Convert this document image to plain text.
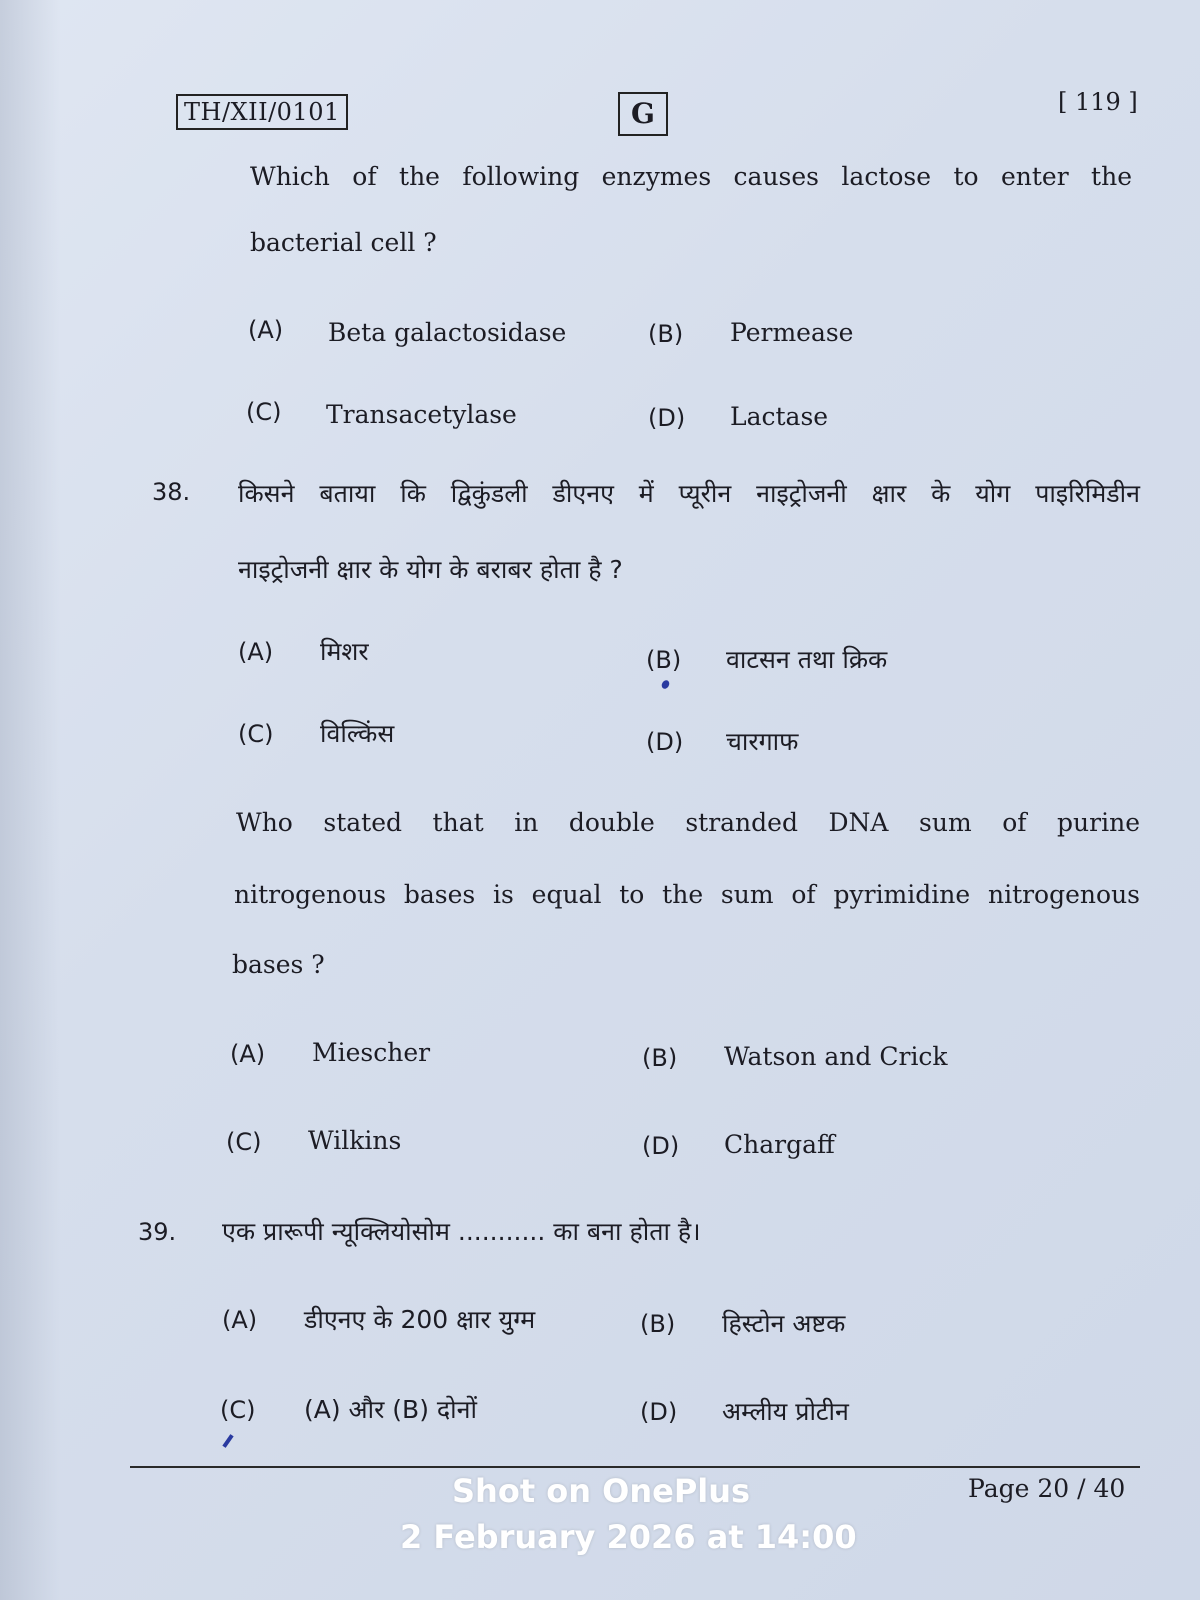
TH/XII/0101	G	[ 119 ]
Which of the following enzymes causes lactose to enter the
bacterial cell ?
(A) Beta galactosidase	(B) Permease
(C) Transacetylase	(D) Lactase
38. किसने बताया कि द्विकुंडली डीएनए में प्यूरीन नाइट्रोजनी क्षार के योग पाइरिमिडीन
नाइट्रोजनी क्षार के योग के बराबर होता है ?
(A) मिशर	(B) वाटसन तथा क्रिक
(C) विल्किंस	(D) चारगाफ
Who stated that in double stranded DNA sum of purine
nitrogenous bases is equal to the sum of pyrimidine nitrogenous
bases ?
(A) Miescher	(B) Watson and Crick
(C) Wilkins	(D) Chargaff
39. एक प्रारूपी न्यूक्लियोसोम ........... का बना होता है।
(A) डीएनए के 200 क्षार युग्म	(B) हिस्टोन अष्टक
(C) (A) और (B) दोनों	(D) अम्लीय प्रोटीन
Page 20 / 40
Shot on OnePlus
2 February 2026 at 14:00
